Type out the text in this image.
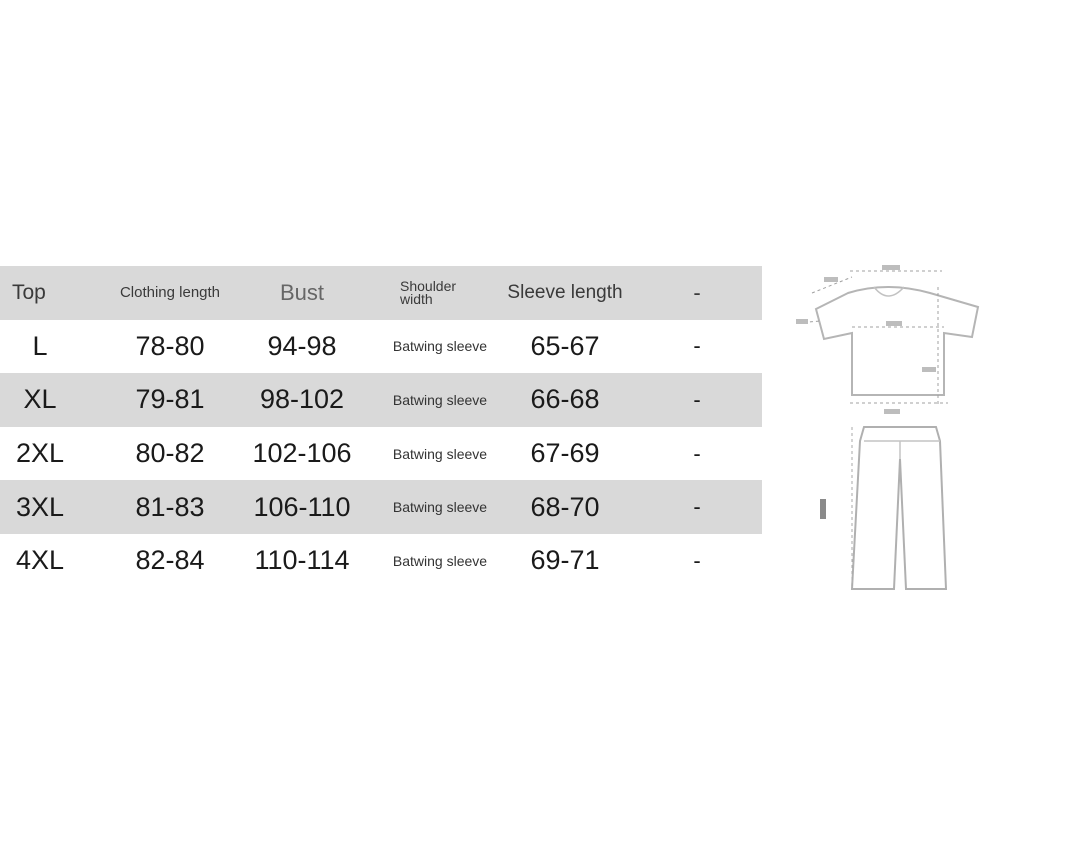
Top	Clothing length	Bust	Shoulder
width	Sleeve length	-
L	78-80	94-98	Batwing sleeve	65-67	-
XL	79-81	98-102	Batwing sleeve	66-68	-
2XL	80-82	102-106	Batwing sleeve	67-69	-
3XL	81-83	106-110	Batwing sleeve	68-70	-
4XL	82-84	110-114	Batwing sleeve	69-71	-
